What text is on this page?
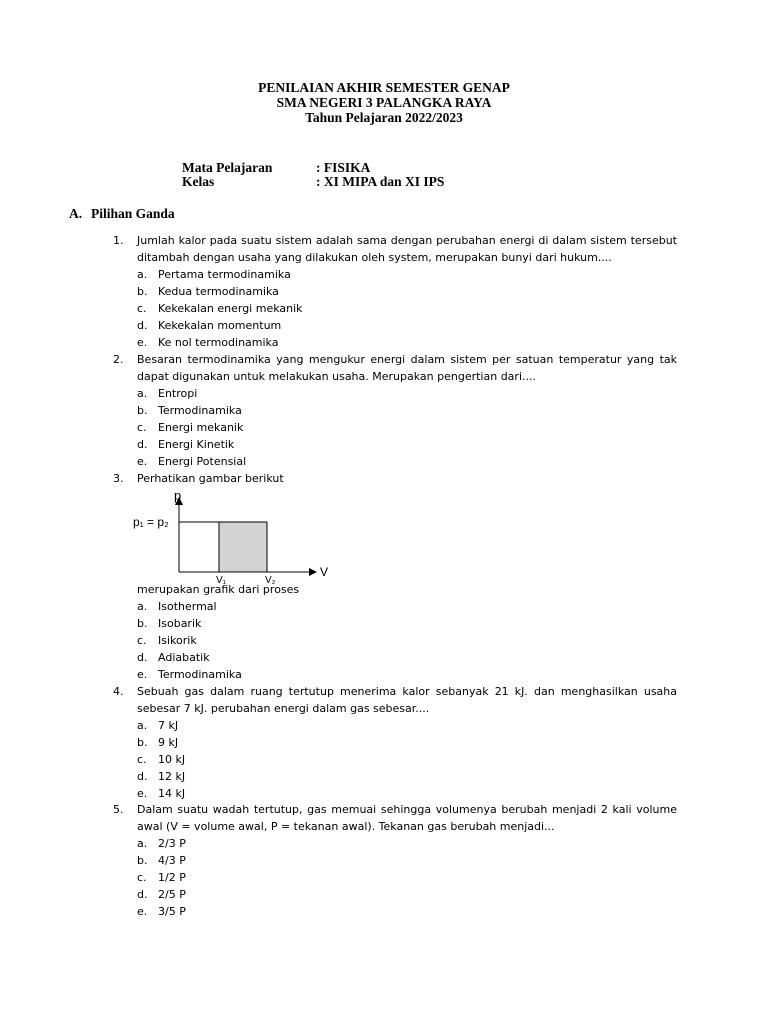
PENILAIAN AKHIR SEMESTER GENAP
SMA NEGERI 3 PALANGKA RAYA
Tahun Pelajaran 2022/2023
Mata Pelajaran	: FISIKA
Kelas	: XI MIPA dan XI IPS
A. Pilihan Ganda
1. Jumlah kalor pada suatu sistem adalah sama dengan perubahan energi di dalam sistem tersebut
ditambah dengan usaha yang dilakukan oleh system, merupakan bunyi dari hukum....
a. Pertama termodinamika
b. Kedua termodinamika
c. Kekekalan energi mekanik
d. Kekekalan momentum
e. Ke nol termodinamika
2. Besaran termodinamika yang mengukur energi dalam sistem per satuan temperatur yang tak
dapat digunakan untuk melakukan usaha. Merupakan pengertian dari....
a. Entropi
b. Termodinamika
c. Energi mekanik
d. Energi Kinetik
e. Energi Potensial
3. Perhatikan gambar berikut
p
V
p₁ = p₂
V₁	V₂
merupakan grafik dari proses
a. Isothermal
b. Isobarik
c. Isikorik
d. Adiabatik
e. Termodinamika
4. Sebuah gas dalam ruang tertutup menerima kalor sebanyak 21 kJ. dan menghasilkan usaha
sebesar 7 kJ. perubahan energi dalam gas sebesar....
a. 7 kJ
b. 9 kJ
c. 10 kJ
d. 12 kJ
e. 14 kJ
5. Dalam suatu wadah tertutup, gas memuai sehingga volumenya berubah menjadi 2 kali volume
awal (V = volume awal, P = tekanan awal). Tekanan gas berubah menjadi...
a. 2/3 P
b. 4/3 P
c. 1/2 P
d. 2/5 P
e. 3/5 P
